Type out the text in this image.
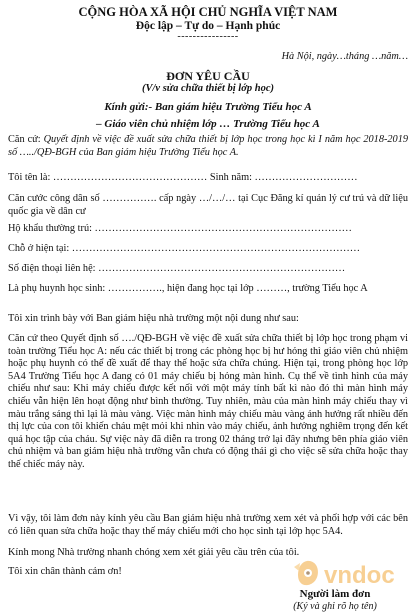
CỘNG HÒA XÃ HỘI CHỦ NGHĨA VIỆT NAM
Độc lập – Tự do – Hạnh phúc
----------------
Hà Nội, ngày…tháng …năm…
ĐƠN YÊU CẦU
(V/v sửa chữa thiết bị lớp học)
Kính gửi:- Ban giám hiệu Trường Tiểu học A
– Giáo viên chủ nhiệm lớp … Trường Tiểu học A
Căn cứ: Quyết định về việc đề xuất sửa chữa thiết bị lớp học trong học kì I năm học 2018-2019 số …../QĐ-BGH của Ban giám hiệu Trường Tiểu học A.
Tôi tên là: ……………………………………… Sinh năm: …………………………
Căn cước công dân số ……………. cấp ngày …/…/… tại Cục Đăng kí quản lý cư trú và dữ liệu quốc gia về dân cư
Hộ khẩu thường trú: …………………………………………………………………
Chỗ ở hiện tại: …………………………………………………………………………
Số điện thoại liên hệ: ………………………………………………………………
Là phụ huynh học sinh: ……………., hiện đang học tại lớp ………, trường Tiểu học A
Tôi xin trình bày với Ban giám hiệu nhà trường một nội dung như sau:
Căn cứ theo Quyết định số …./QĐ-BGH về việc đề xuất sửa chữa thiết bị lớp học trong phạm vi toàn trường Tiểu học A: nếu các thiết bị trong các phòng học bị hư hỏng thì giáo viên chủ nhiệm hoặc phụ huynh có thể đề xuất để thay thế hoặc sửa chữa chúng. Hiện tại, trong phòng học lớp 5A4 Trường Tiểu học A đang có 01 máy chiếu bị hỏng màn hình. Cụ thể về tình hình của máy chiếu như sau: Khi máy chiếu được kết nối với một máy tính bất kì nào đó thì màn hình máy chiếu vẫn hiện lên hoạt động như bình thường. Tuy nhiên, màu của màn hình máy chiếu thay vì màu trắng sáng thì lại là màu vàng. Việc màn hình máy chiếu màu vàng ảnh hưởng rất nhiều đến thị lực của con tôi khiến cháu mệt mỏi khi nhìn vào máy chiếu, ảnh hưởng nghiêm trọng đến kết quả học tập của cháu. Sự việc này đã diễn ra trong 02 tháng trở lại đây nhưng bên phía giáo viên chủ nhiệm và ban giám hiệu nhà trường vẫn chưa có động thái gì cho việc sẽ sửa chữa hoặc thay thế chiếc máy này.
Vì vậy, tôi làm đơn này kính yêu cầu Ban giám hiệu nhà trường xem xét và phối hợp với các bên có liên quan sửa chữa hoặc thay thế máy chiếu mới cho học sinh tại lớp học 5A4.
Kính mong Nhà trường nhanh chóng xem xét giải yêu cầu trên của tôi.
Tôi xin chân thành cảm ơn!
Người làm đơn
(Ký và ghi rõ họ tên)
vndoc
